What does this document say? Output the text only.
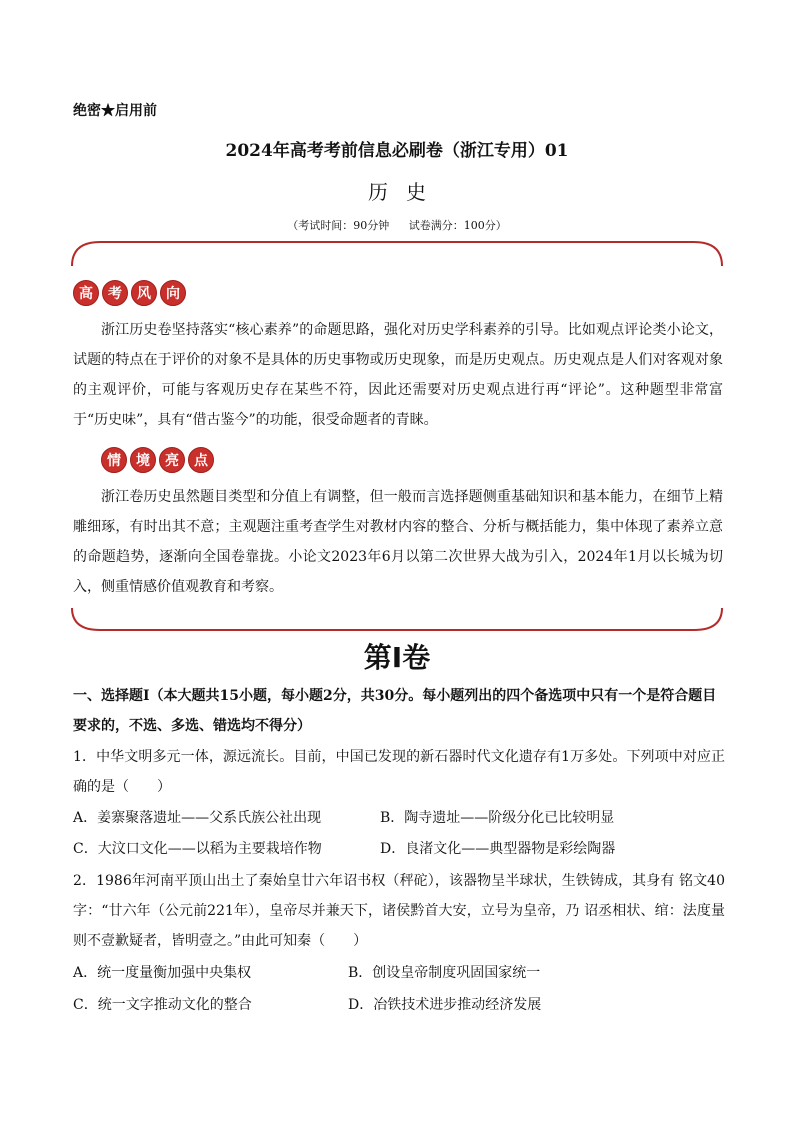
绝密★启用前
2024年高考考前信息必刷卷（浙江专用）01
历史
（考试时间：90分钟 试卷满分：100分）
高	考	风	向
浙江历史卷坚持落实“核心素养”的命题思路，强化对历史学科素养的引导。比如观点评论类小论文，试题的特点在于评价的对象不是具体的历史事物或历史现象，而是历史观点。历史观点是人们对客观对象的主观评价，可能与客观历史存在某些不符，因此还需要对历史观点进行再“评论”。这种题型非常富于“历史味”，具有“借古鉴今”的功能，很受命题者的青睐。
情	境	亮	点
浙江卷历史虽然题目类型和分值上有调整，但一般而言选择题侧重基础知识和基本能力，在细节上精雕细琢，有时出其不意；主观题注重考查学生对教材内容的整合、分析与概括能力，集中体现了素养立意的命题趋势，逐渐向全国卷靠拢。小论文2023年6月以第二次世界大战为引入，2024年1月以长城为切入，侧重情感价值观教育和考察。
第I卷
一、选择题I（本大题共15小题，每小题2分，共30分。每小题列出的四个备选项中只有一个是符合题目要求的，不选、多选、错选均不得分）
1．中华文明多元一体，源远流长。目前，中国已发现的新石器时代文化遗存有1万多处。下列项中对应正确的是（　　）
A．姜寨聚落遗址——父系氏族公社出现	B．陶寺遗址——阶级分化已比较明显
C．大汶口文化——以稻为主要栽培作物	D．良渚文化——典型器物是彩绘陶器
2．1986年河南平顶山出土了秦始皇廿六年诏书权（秤砣），该器物呈半球状，生铁铸成，其身有 铭文40字：“廿六年（公元前221年），皇帝尽并兼天下，诸侯黔首大安，立号为皇帝，乃 诏丞相状、绾：法度量则不壹歉疑者，皆明壹之。”由此可知秦（　　）
A．统一度量衡加强中央集权	B．创设皇帝制度巩固国家统一
C．统一文字推动文化的整合	D．冶铁技术进步推动经济发展
